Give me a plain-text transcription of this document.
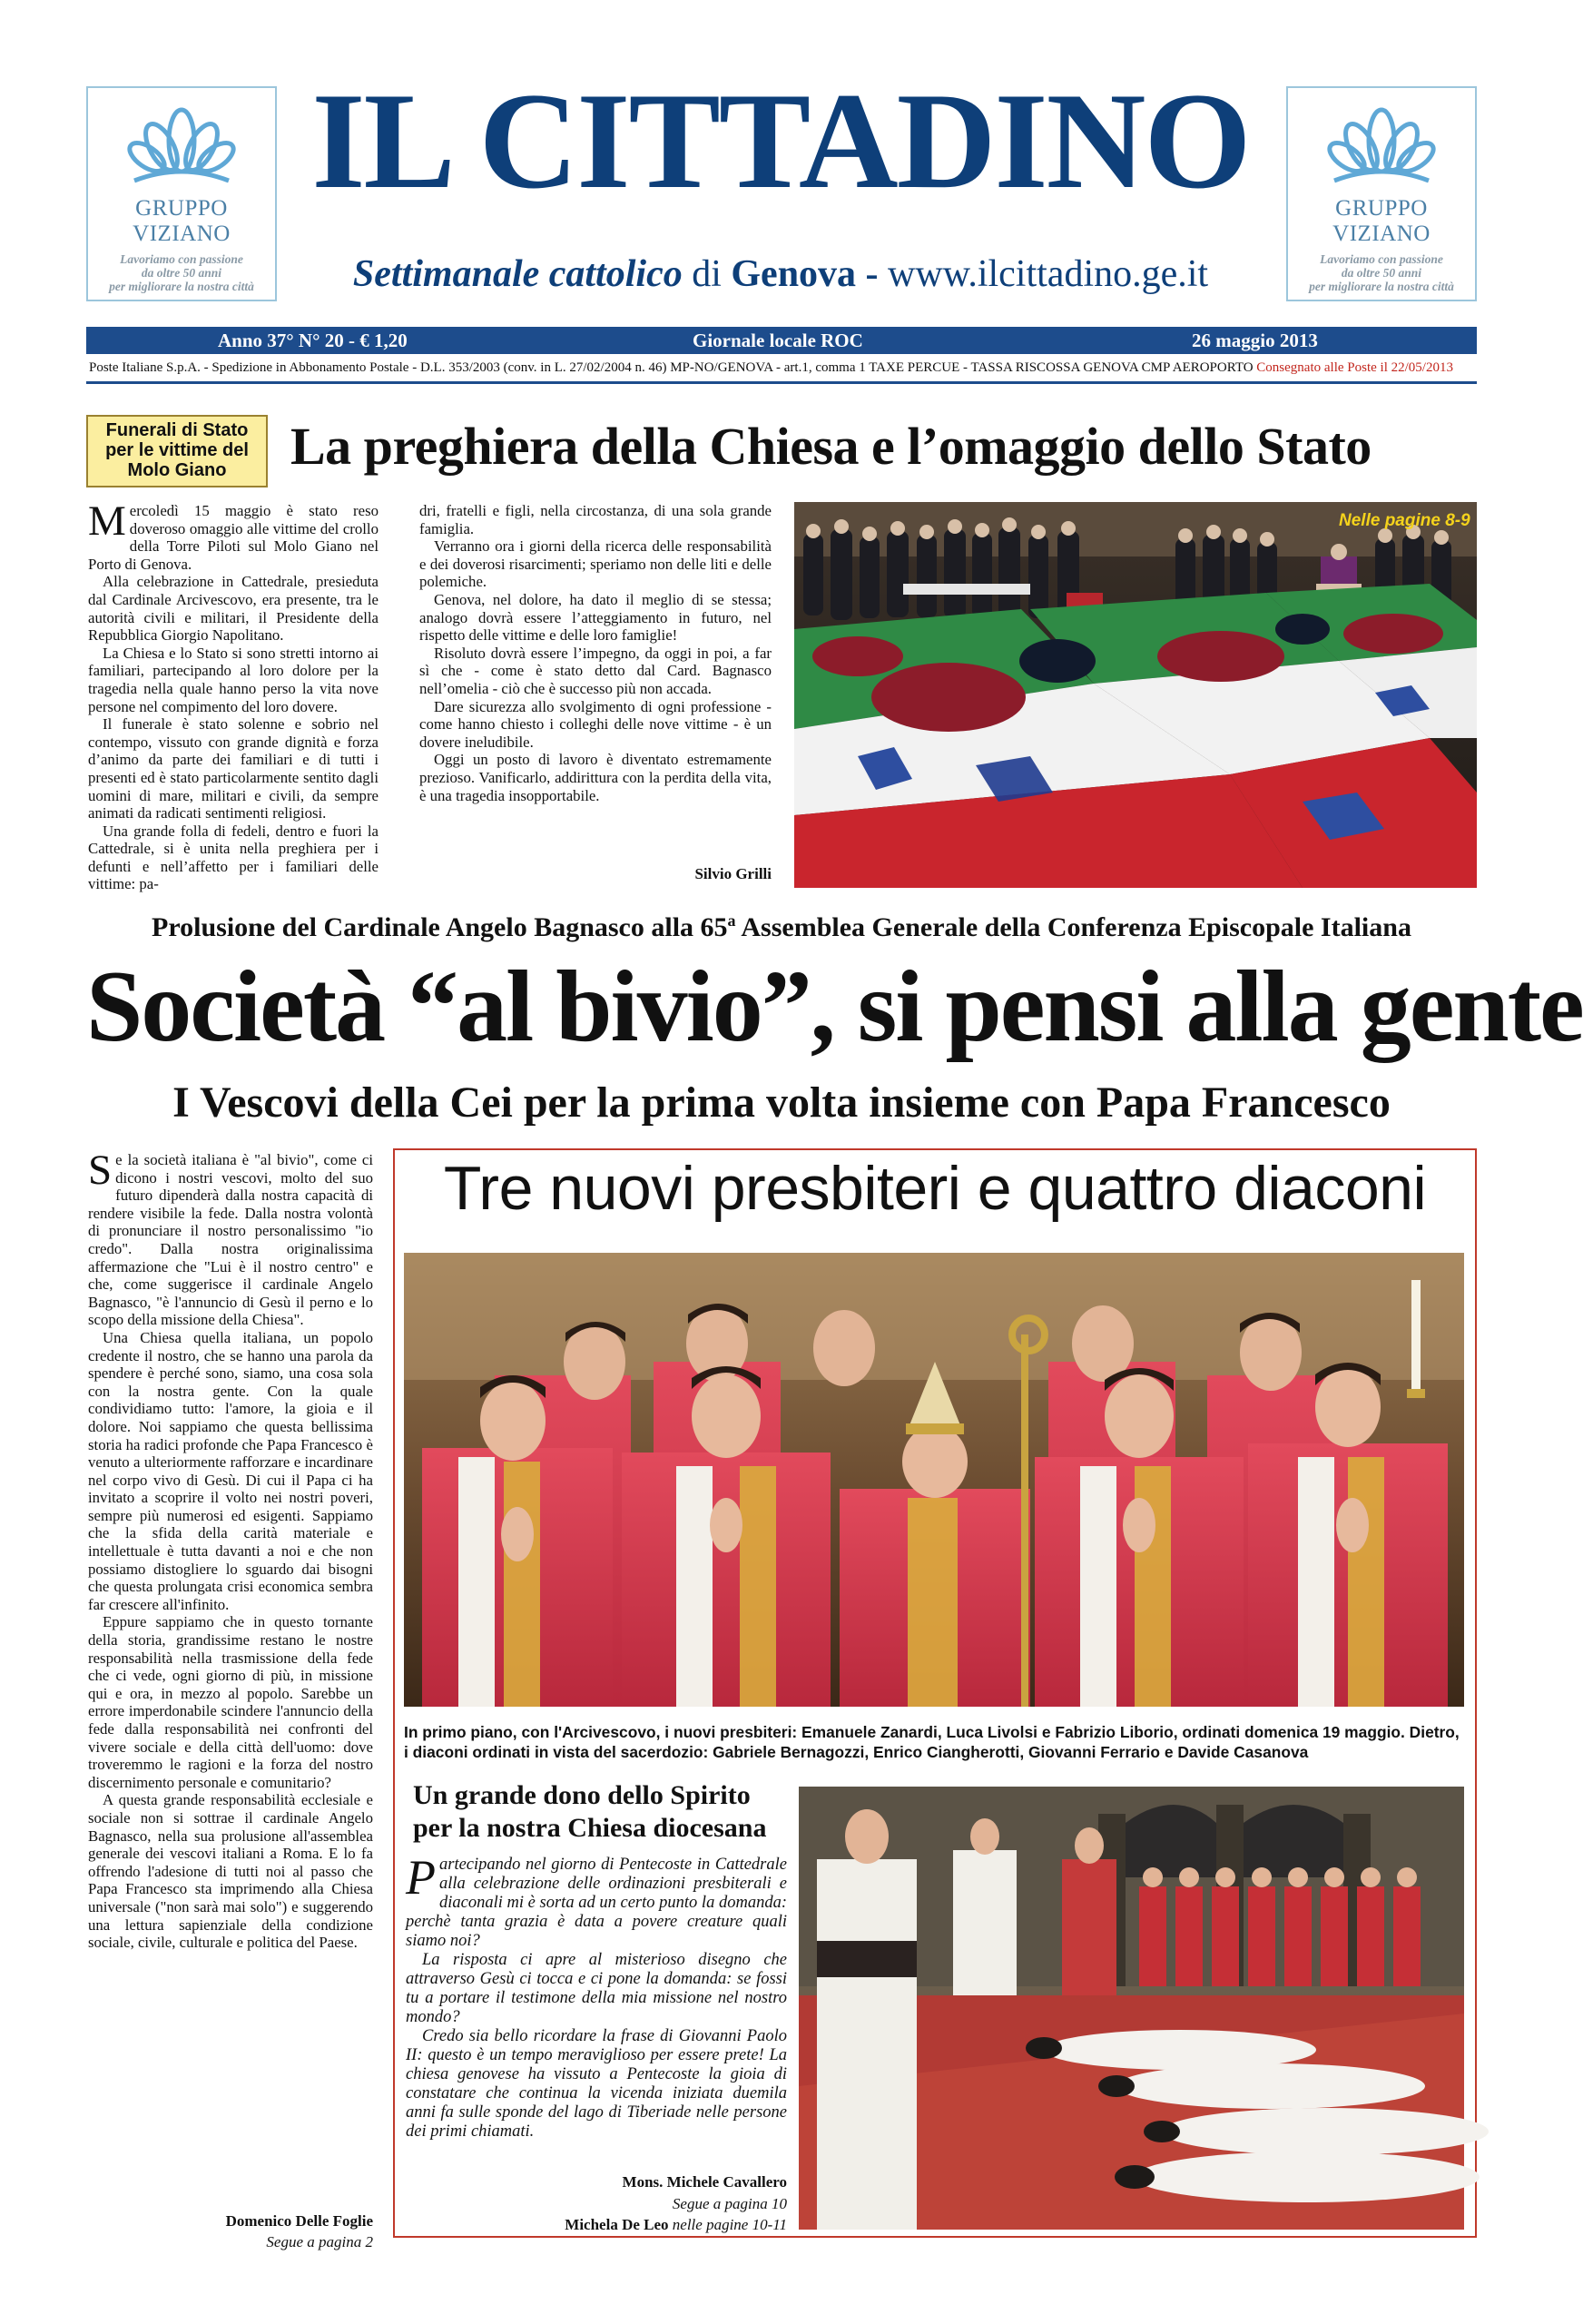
GRUPPO VIZIANO
Lavoriamo con passione
da oltre 50 anni
per migliorare la nostra città
GRUPPO VIZIANO
Lavoriamo con passione
da oltre 50 anni
per migliorare la nostra città
IL CITTADINO
Settimanale cattolico di Genova - www.ilcittadino.ge.it
Anno 37° N° 20 - € 1,20	Giornale locale ROC	26 maggio 2013
Poste Italiane S.p.A. - Spedizione in Abbonamento Postale - D.L. 353/2003 (conv. in L. 27/02/2004 n. 46) MP-NO/GENOVA - art.1, comma 1 TAXE PERCUE - TASSA RISCOSSA GENOVA CMP AEROPORTO Consegnato alle Poste il 22/05/2013
Funerali di Stato per le vittime del Molo Giano	La preghiera della Chiesa e l’omaggio dello Stato

Mercoledì 15 maggio è stato reso doveroso omaggio alle vittime del crollo della Torre Piloti sul Molo Giano nel Porto di Genova.

Alla celebrazione in Cattedrale, presieduta dal Cardinale Arcivescovo, era presente, tra le autorità civili e militari, il Presidente della Repubblica Giorgio Napolitano.

La Chiesa e lo Stato si sono stretti intorno ai familiari, partecipando al loro dolore per la tragedia nella quale hanno perso la vita nove persone nel compimento del loro dovere.

Il funerale è stato solenne e sobrio nel contempo, vissuto con grande dignità e forza d’animo da parte dei familiari e di tutti i presenti ed è stato particolarmente sentito dagli uomini di mare, militari e civili, da sempre animati da radicati sentimenti religiosi.

Una grande folla di fedeli, dentro e fuori la Cattedrale, si è unita nella preghiera per i defunti e nell’affetto per i familiari delle vittime: pa-

dri, fratelli e figli, nella circostanza, di una sola grande famiglia.

Verranno ora i giorni della ricerca delle responsabilità e dei doverosi risarcimenti; speriamo non delle liti e delle polemiche.

Genova, nel dolore, ha dato il meglio di se stessa; analogo dovrà essere l’atteggiamento in futuro, nel rispetto delle vittime e delle loro famiglie!

Risoluto dovrà essere l’impegno, da oggi in poi, a far sì che - come è stato detto dal Card. Bagnasco nell’omelia - ciò che è successo più non accada.

Dare sicurezza allo svolgimento di ogni professione - come hanno chiesto i colleghi delle nove vittime - è un dovere ineludibile.

Oggi un posto di lavoro è diventato estremamente prezioso. Vanificarlo, addirittura con la perdita della vita, è una tragedia insopportabile.

Silvio Grilli
Nelle pagine 8-9
Prolusione del Cardinale Angelo Bagnasco alla 65$^a$ Assemblea Generale della Conferenza Episcopale Italiana
Società “al bivio”, si pensi alla gente
I Vescovi della Cei per la prima volta insieme con Papa Francesco

Se la società italiana è "al bivio", come ci dicono i nostri vescovi, molto del suo futuro dipenderà dalla nostra capacità di rendere visibile la fede. Dalla nostra volontà di pronunciare il nostro personalissimo "io credo". Dalla nostra originalissima affermazione che "Lui è il nostro centro" e che, come suggerisce il cardinale Angelo Bagnasco, "è l'annuncio di Gesù il perno e lo scopo della missione della Chiesa".

Una Chiesa quella italiana, un popolo credente il nostro, che se hanno una parola da spendere è perché sono, siamo, una cosa sola con la nostra gente. Con la quale condividiamo tutto: l'amore, la gioia e il dolore. Noi sappiamo che questa bellissima storia ha radici profonde che Papa Francesco è venuto a ulteriormente rafforzare e incardinare nel corpo vivo di Gesù. Di cui il Papa ci ha invitato a scoprire il volto nei nostri poveri, sempre più numerosi ed esigenti. Sappiamo che la sfida della carità materiale e intellettuale è tutta davanti a noi e che non possiamo distogliere lo sguardo dai bisogni che questa prolungata crisi economica sembra far crescere all'infinito.

Eppure sappiamo che in questo tornante della storia, grandissime restano le nostre responsabilità nella trasmissione della fede che ci vede, ogni giorno di più, in missione qui e ora, in mezzo al popolo. Sarebbe un errore imperdonabile scindere l'annuncio della fede dalla responsabilità nei confronti del vivere sociale e della città dell'uomo: dove troveremmo le ragioni e la forza del nostro discernimento personale e comunitario?

A questa grande responsabilità ecclesiale e sociale non si sottrae il cardinale Angelo Bagnasco, nella sua prolusione all'assemblea generale dei vescovi italiani a Roma. E lo fa offrendo l'adesione di tutti noi al passo che Papa Francesco sta imprimendo alla Chiesa universale ("non sarà mai solo") e suggerendo una lettura sapienziale della condizione sociale, civile, culturale e politica del Paese.

Domenico Delle Foglie
Segue a pagina 2
Tre nuovi presbiteri e quattro diaconi
In primo piano, con l'Arcivescovo, i nuovi presbiteri: Emanuele Zanardi, Luca Livolsi e Fabrizio Liborio, ordinati domenica 19 maggio. Dietro, i diaconi ordinati in vista del sacerdozio: Gabriele Bernagozzi, Enrico Ciangherotti, Giovanni Ferrario e Davide Casanova
Un grande dono dello Spirito per la nostra Chiesa diocesana

Partecipando nel giorno di Pentecoste in Cattedrale alla celebrazione delle ordinazioni presbiterali e diaconali mi è sorta ad un certo punto la domanda: perchè tanta grazia è data a povere creature quali siamo noi?

La risposta ci apre al misterioso disegno che attraverso Gesù ci tocca e ci pone la domanda: se fossi tu a portare il testimone della mia missione nel nostro mondo?

Credo sia bello ricordare la frase di Giovanni Paolo II: questo è un tempo meraviglioso per essere prete! La chiesa genovese ha vissuto a Pentecoste la gioia di constatare che continua la vicenda iniziata duemila anni fa sulle sponde del lago di Tiberiade nelle persone dei primi chiamati.

Mons. Michele Cavallero
Segue a pagina 10
Michela De Leo nelle pagine 10-11
